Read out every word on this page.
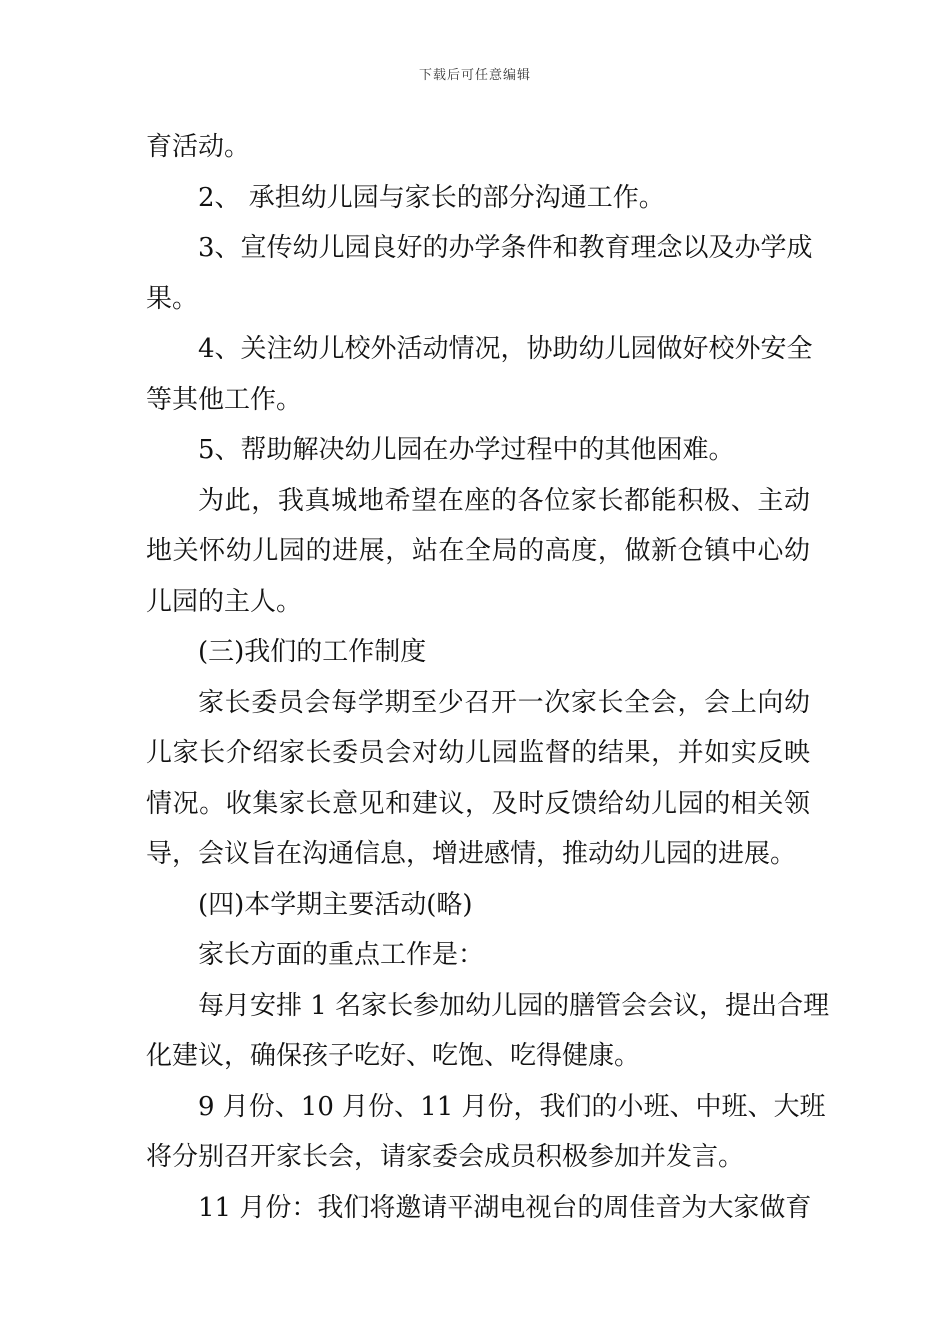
下载后可任意编辑
育活动。
2、 承担幼儿园与家长的部分沟通工作。
3、宣传幼儿园良好的办学条件和教育理念以及办学成
果。
4、关注幼儿校外活动情况，协助幼儿园做好校外安全
等其他工作。
5、帮助解决幼儿园在办学过程中的其他困难。
为此，我真城地希望在座的各位家长都能积极、主动
地关怀幼儿园的进展，站在全局的高度，做新仓镇中心幼
儿园的主人。
(三)我们的工作制度
家长委员会每学期至少召开一次家长全会，会上向幼
儿家长介绍家长委员会对幼儿园监督的结果，并如实反映
情况。收集家长意见和建议，及时反馈给幼儿园的相关领
导，会议旨在沟通信息，增进感情，推动幼儿园的进展。
(四)本学期主要活动(略)
家长方面的重点工作是：
每月安排 1 名家长参加幼儿园的膳管会会议，提出合理
化建议，确保孩子吃好、吃饱、吃得健康。
9 月份、10 月份、11 月份，我们的小班、中班、大班
将分别召开家长会，请家委会成员积极参加并发言。
11 月份：我们将邀请平湖电视台的周佳音为大家做育
